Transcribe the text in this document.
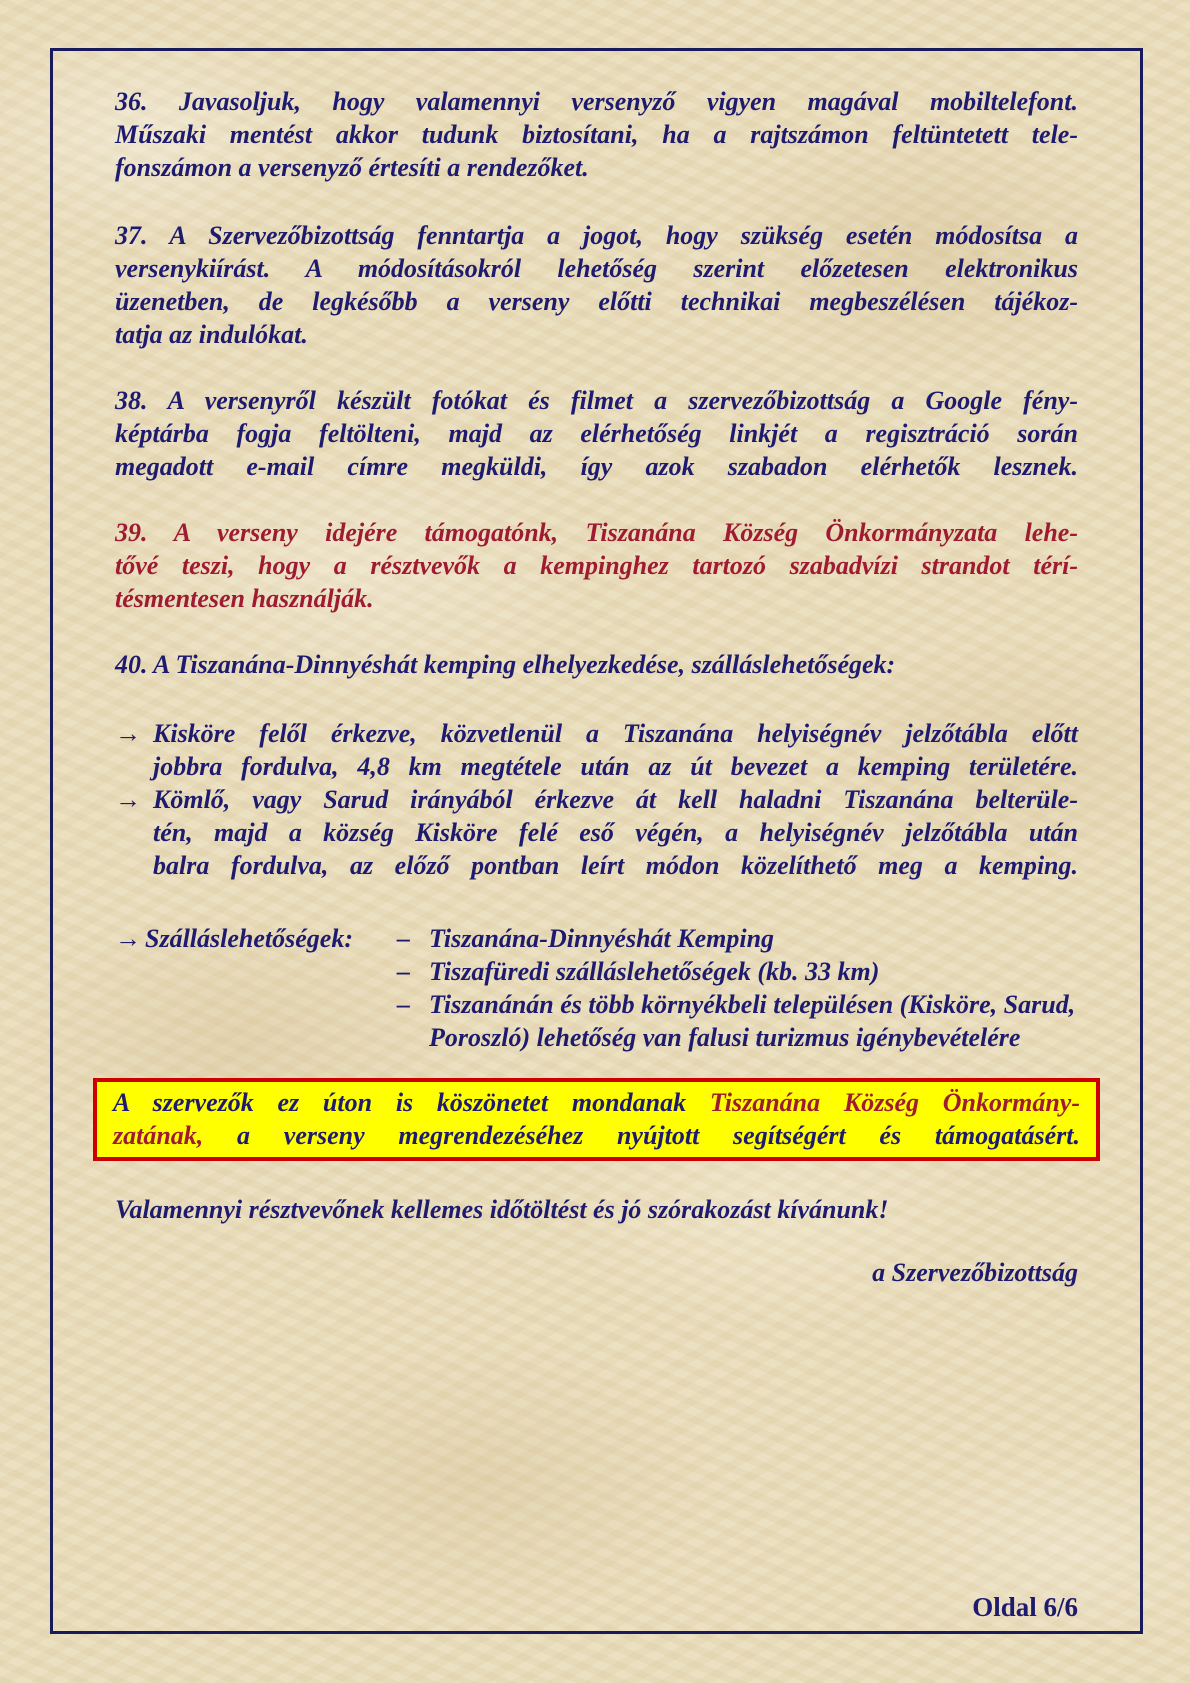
36. Javasoljuk, hogy valamennyi versenyző vigyen magával mobiltelefont.
Műszaki mentést akkor tudunk biztosítani, ha a rajtszámon feltüntetett tele-
fonszámon a versenyző értesíti a rendezőket.
37. A Szervezőbizottság fenntartja a jogot, hogy szükség esetén módosítsa a
versenykiírást. A módosításokról lehetőség szerint előzetesen elektronikus
üzenetben, de legkésőbb a verseny előtti technikai megbeszélésen tájékoz-
tatja az indulókat.
38. A versenyről készült fotókat és filmet a szervezőbizottság a Google fény-
képtárba fogja feltölteni, majd az elérhetőség linkjét a regisztráció során
megadott e-mail címre megküldi, így azok szabadon elérhetők lesznek.
39. A verseny idejére támogatónk, Tiszanána Község Önkormányzata lehe-
tővé teszi, hogy a résztvevők a kempinghez tartozó szabadvízi strandot térí-
tésmentesen használják.
40. A Tiszanána-Dinnyéshát kemping elhelyezkedése, szálláslehetőségek:
→ Kisköre felől érkezve, közvetlenül a Tiszanána helyiségnév jelzőtábla előtt
jobbra fordulva, 4,8 km megtétele után az út bevezet a kemping területére.
→ Kömlő, vagy Sarud irányából érkezve át kell haladni Tiszanána belterüle-
tén, majd a község Kisköre felé eső végén, a helyiségnév jelzőtábla után
balra fordulva, az előző pontban leírt módon közelíthető meg a kemping.
→ Szálláslehetőségek:	– Tiszanána-Dinnyéshát Kemping
– Tiszafüredi szálláslehetőségek (kb. 33 km)
– Tiszanánán és több környékbeli településen (Kisköre, Sarud, Poroszló) lehetőség van falusi turizmus igénybevételére
A szervezők ez úton is köszönetet mondanak Tiszanána Község Önkormány-
zatának, a verseny megrendezéséhez nyújtott segítségért és támogatásért.
Valamennyi résztvevőnek kellemes időtöltést és jó szórakozást kívánunk!
a Szervezőbizottság
Oldal 6/6
